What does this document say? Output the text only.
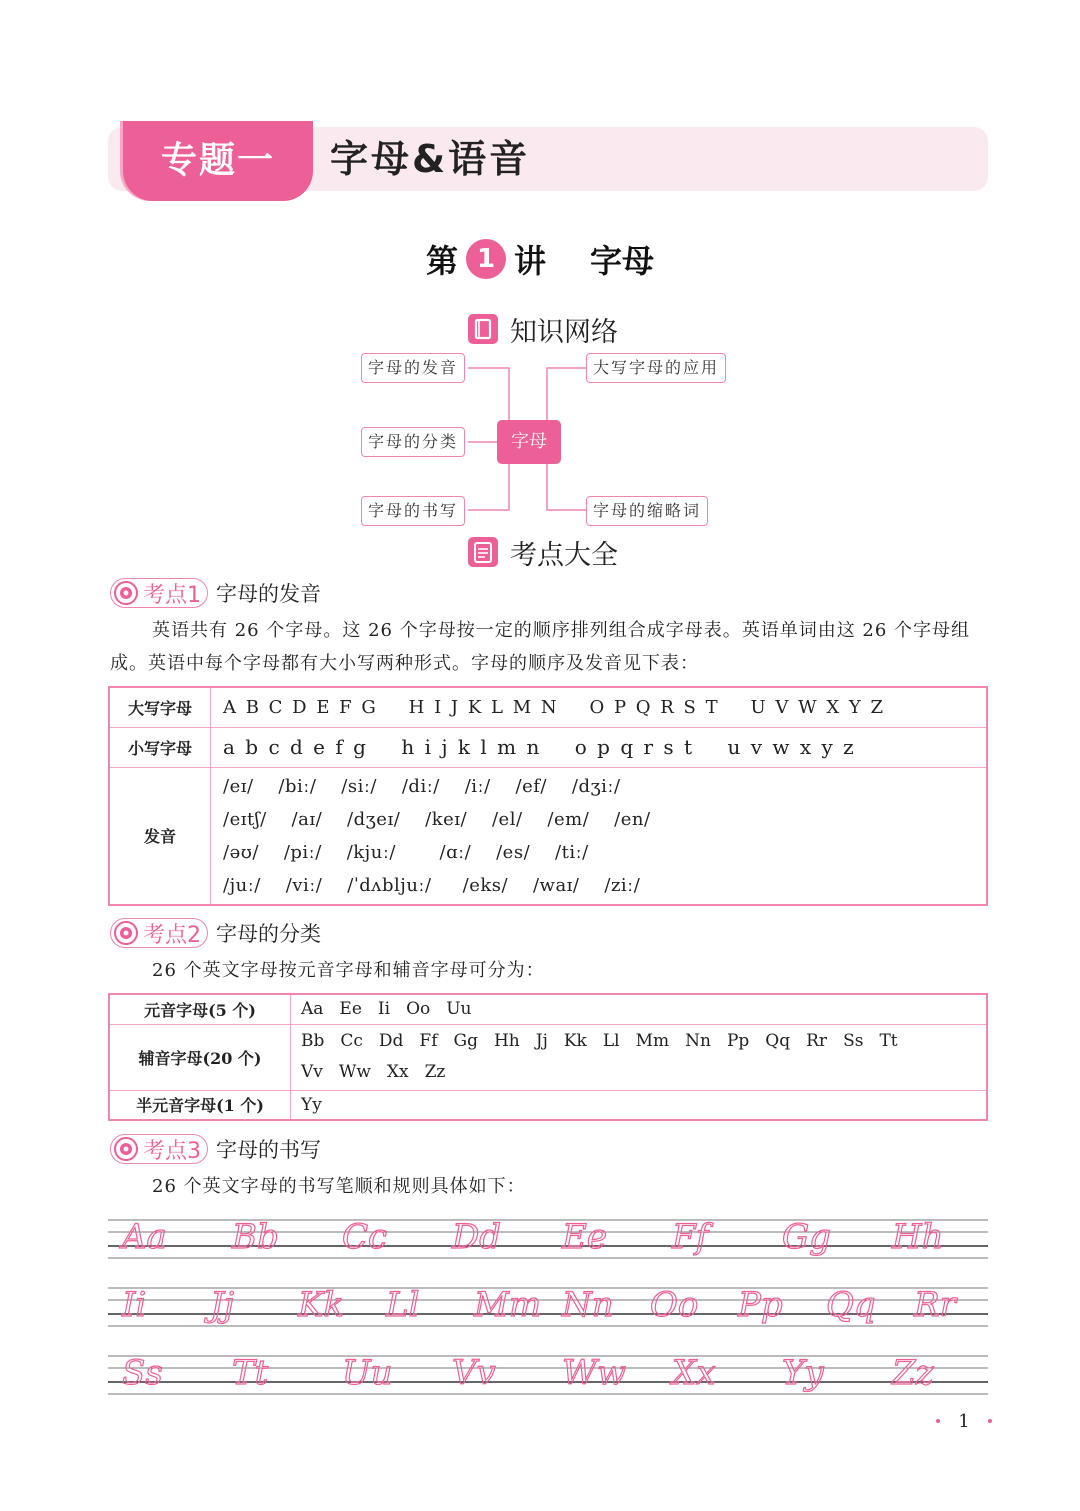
专题一	字母&语音
第 1 讲 字母
知识网络
字母的发音
字母的分类
字母的书写
大写字母的应用
字母的缩略词
字母
考点大全
考点1 字母的发音
英语共有 26 个字母。这 26 个字母按一定的顺序排列组合成字母表。英语单词由这 26 个字母组成。英语中每个字母都有大小写两种形式。字母的顺序及发音见下表：
大写字母	A B C D E F G    H I J K L M N    O P Q R S T    U V W X Y Z
小写字母	a b c d e f g    h i j k l m n    o p q r s t    u v w x y z
发音	/eɪ/    /biː/    /siː/    /diː/    /iː/    /ef/    /dʒiː/
/eɪtʃ/    /aɪ/    /dʒeɪ/    /keɪ/    /el/    /em/    /en/
/əʊ/    /piː/    /kjuː/       /ɑː/    /es/    /tiː/
/juː/    /viː/    /ˈdʌbljuː/     /eks/    /waɪ/    /ziː/
考点2 字母的分类
26 个英文字母按元音字母和辅音字母可分为：
元音字母(5 个)	Aa Ee Ii Oo Uu
辅音字母(20 个)	Bb Cc Dd Ff Gg Hh Jj Kk Ll Mm Nn Pp Qq Rr Ss Tt
Vv Ww Xx Zz

半元音字母(1 个)	Yy
考点3 字母的书写
26 个英文字母的书写笔顺和规则具体如下：
Aa Bb Cc Dd Ee Ff Gg Hh
Ii Jj Kk Ll Mm Nn Oo Pp Qq Rr
Ss Tt Uu Vv Ww Xx Yy Zz
1
